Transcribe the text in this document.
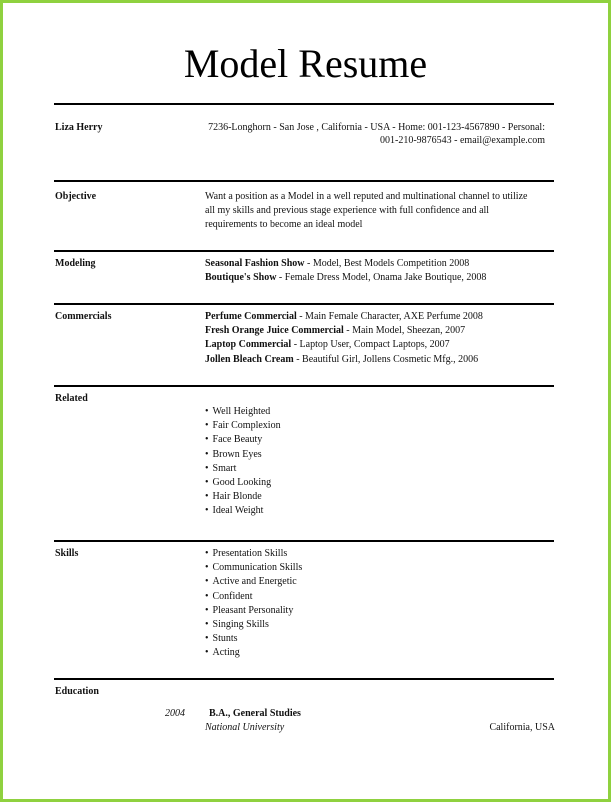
Model Resume
Liza Herry	7236-Longhorn - San Jose , California - USA - Home: 001-123-4567890 - Personal:
001-210-9876543 - email@example.com
Objective	Want a position as a Model in a well reputed and multinational channel to utilize
all my skills and previous stage experience with full confidence and all
requirements to become an ideal model
Modeling	Seasonal Fashion Show - Model, Best Models Competition 2008
Boutique's Show - Female Dress Model, Onama Jake Boutique, 2008
Commercials	Perfume Commercial - Main Female Character, AXE Perfume 2008
Fresh Orange Juice Commercial - Main Model, Sheezan, 2007
Laptop Commercial - Laptop User, Compact Laptops, 2007
Jollen Bleach Cream - Beautiful Girl, Jollens Cosmetic Mfg., 2006
Related
• Well Heighted
• Fair Complexion
• Face Beauty
• Brown Eyes
• Smart
• Good Looking
• Hair Blonde
• Ideal Weight
Skills
•	Presentation Skills
• Communication Skills
• Active and Energetic
• Confident
• Pleasant Personality
• Singing Skills
• Stunts
• Acting
Education
2004 B.A., General Studies
National University	California, USA
